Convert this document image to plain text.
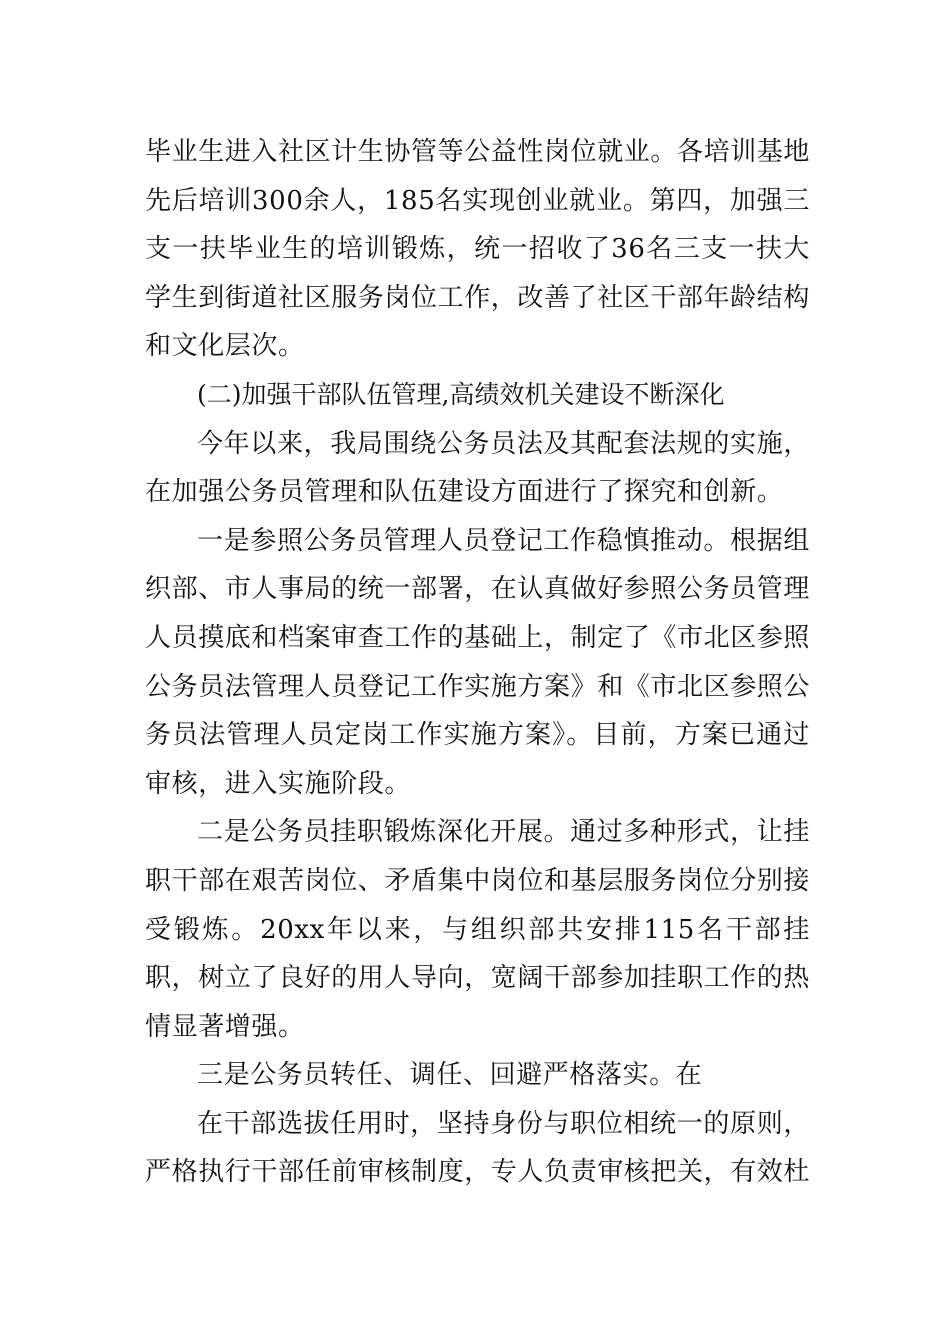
毕业生进入社区计生协管等公益性岗位就业。各培训基地先后培训300余人，185名实现创业就业。第四，加强三支一扶毕业生的培训锻炼，统一招收了36名三支一扶大学生到街道社区服务岗位工作，改善了社区干部年龄结构和文化层次。

(二)加强干部队伍管理,高绩效机关建设不断深化

今年以来，我局围绕公务员法及其配套法规的实施，在加强公务员管理和队伍建设方面进行了探究和创新。

一是参照公务员管理人员登记工作稳慎推动。根据组织部、市人事局的统一部署，在认真做好参照公务员管理人员摸底和档案审查工作的基础上，制定了《市北区参照公务员法管理人员登记工作实施方案》和《市北区参照公务员法管理人员定岗工作实施方案》。目前，方案已通过审核，进入实施阶段。

二是公务员挂职锻炼深化开展。通过多种形式，让挂职干部在艰苦岗位、矛盾集中岗位和基层服务岗位分别接受锻炼。20xx年以来，与组织部共安排115名干部挂职，树立了良好的用人导向，宽阔干部参加挂职工作的热情显著增强。

三是公务员转任、调任、回避严格落实。在

在干部选拔任用时，坚持身份与职位相统一的原则，严格执行干部任前审核制度，专人负责审核把关，有效杜
